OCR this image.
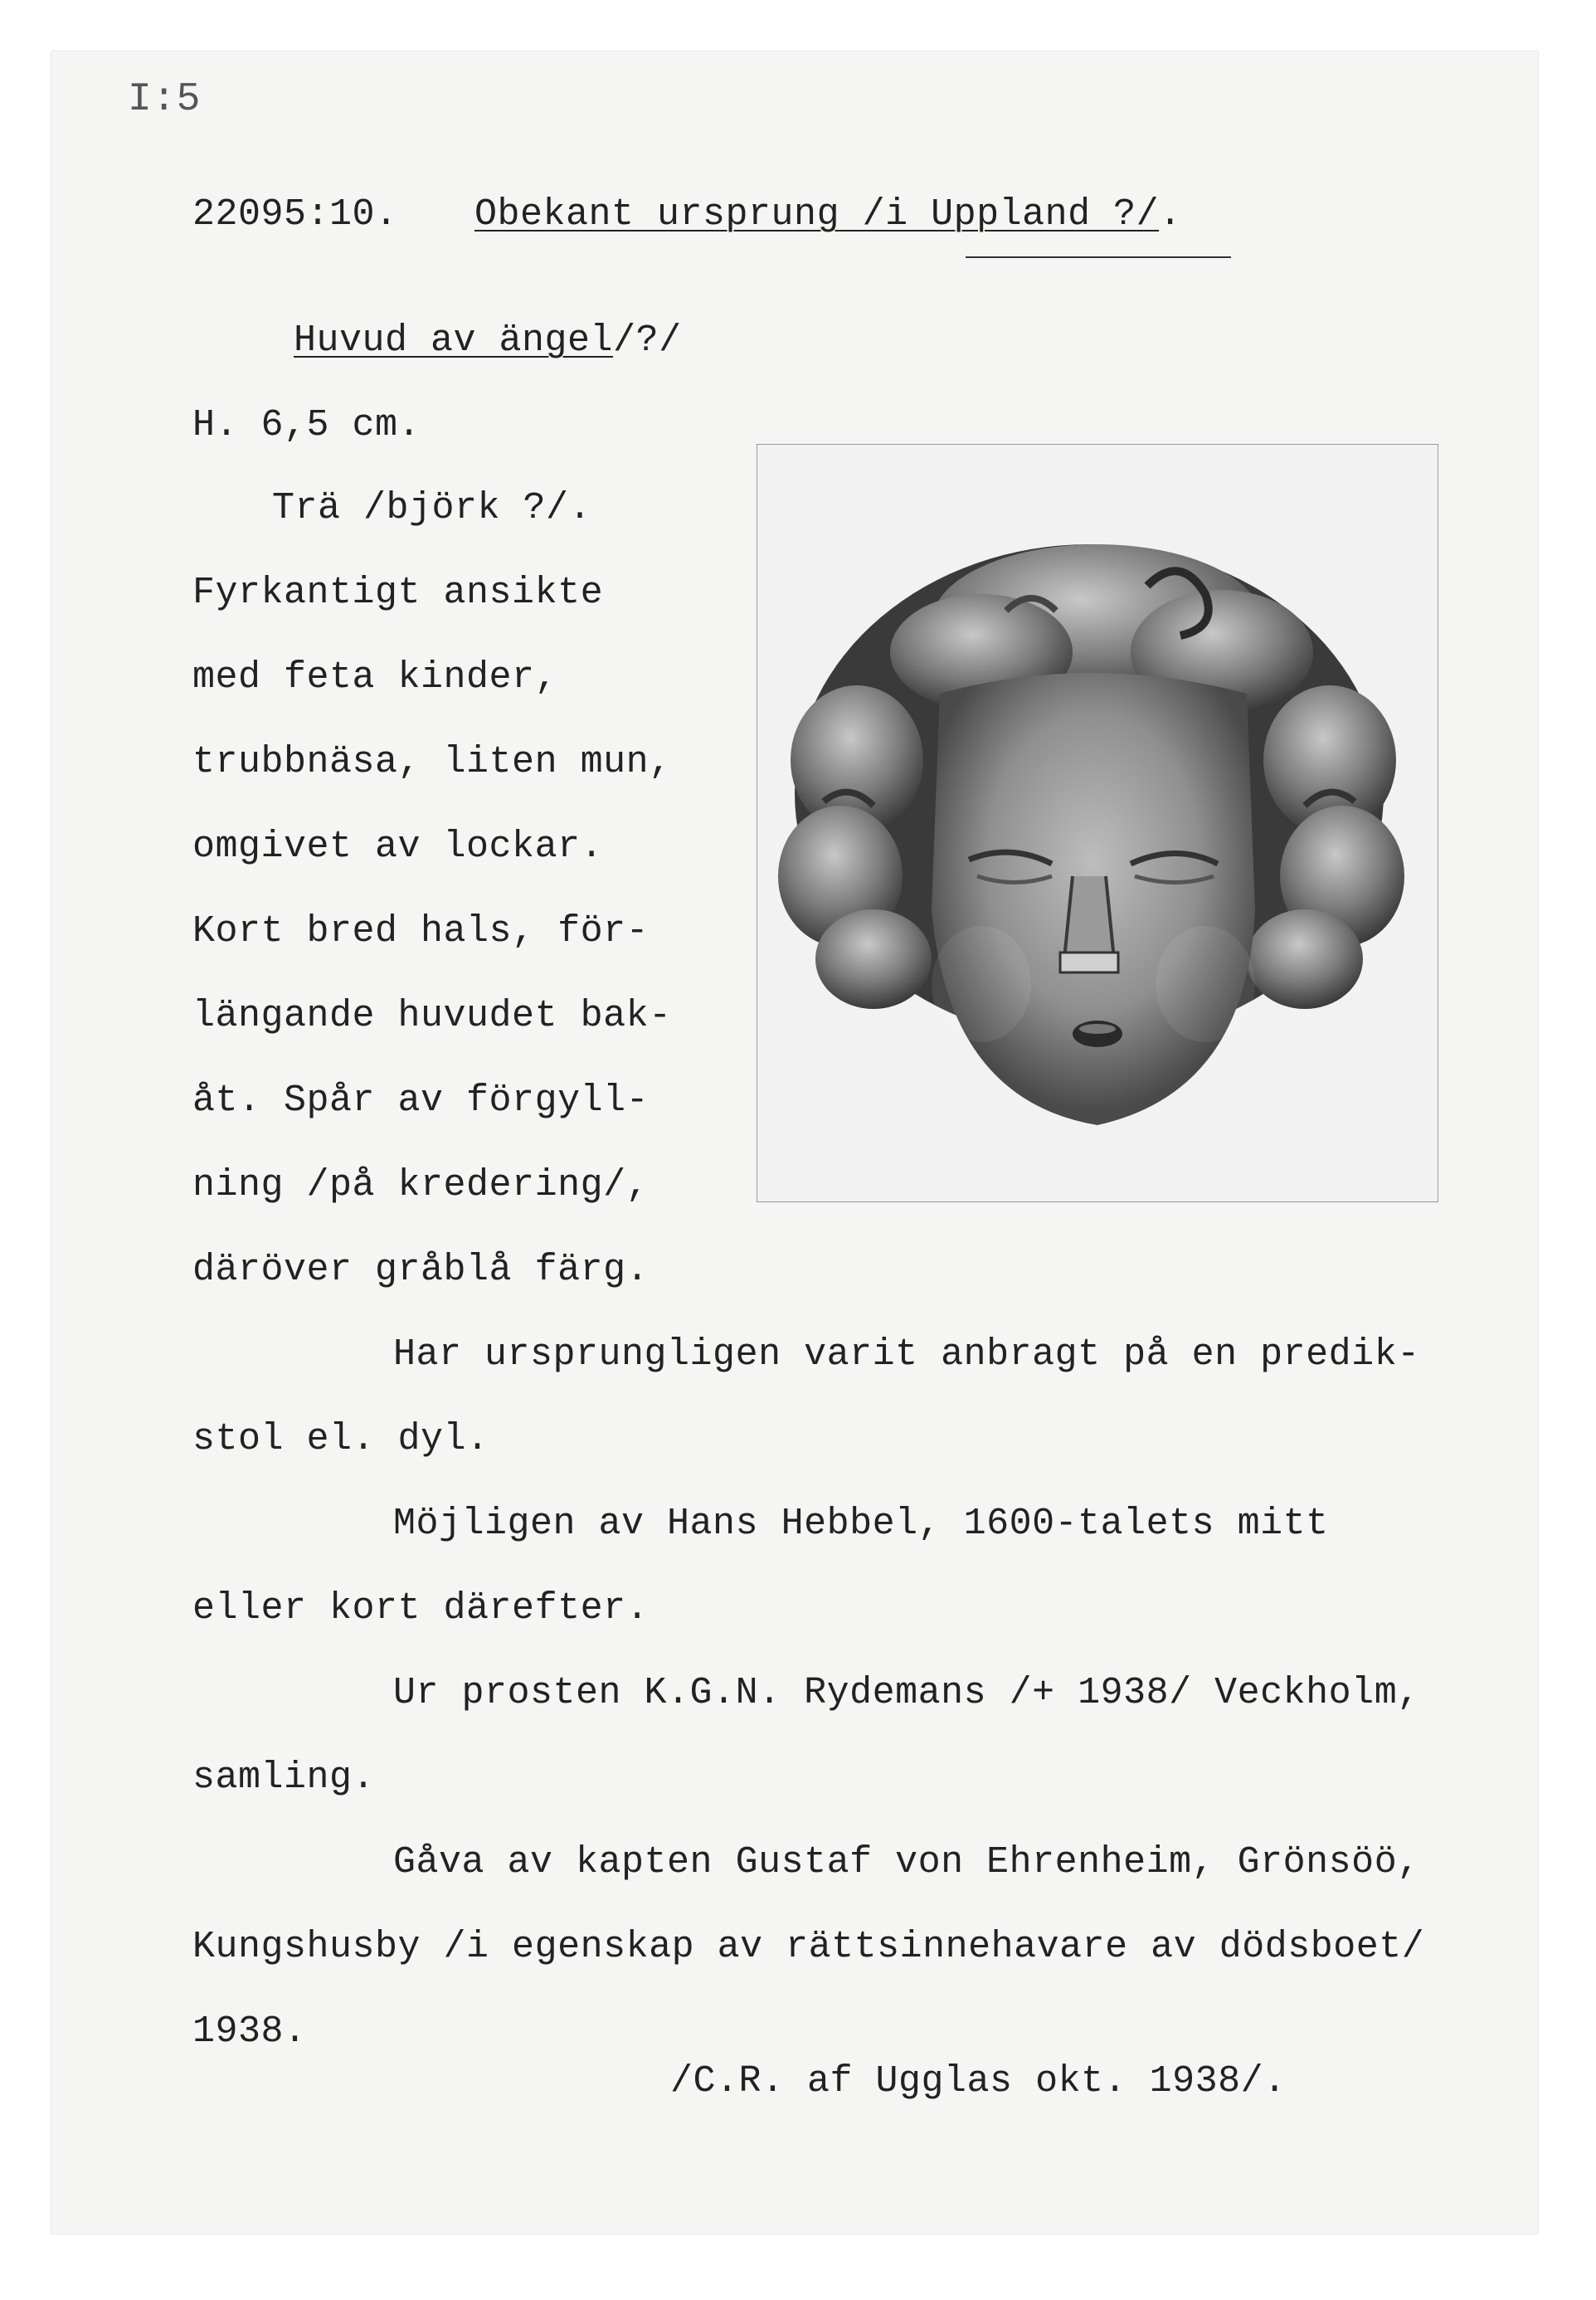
I:5
22095:10. Obekant ursprung /i Uppland ?/.
Huvud av ängel/?/
H. 6,5 cm.
Trä /björk ?/.
Fyrkantigt ansikte
med feta kinder,
trubbnäsa, liten mun,
omgivet av lockar.
Kort bred hals, för-
längande huvudet bak-
åt. Spår av förgyll-
ning /på kredering/,
däröver gråblå färg.
Har ursprungligen varit anbragt på en predik-
stol el. dyl.
Möjligen av Hans Hebbel, 1600-talets mitt
eller kort därefter.
Ur prosten K.G.N. Rydemans /+ 1938/ Veckholm,
samling.
Gåva av kapten Gustaf von Ehrenheim, Grönsöö,
Kungshusby /i egenskap av rättsinnehavare av dödsboet/
1938.
/C.R. af Ugglas okt. 1938/.
